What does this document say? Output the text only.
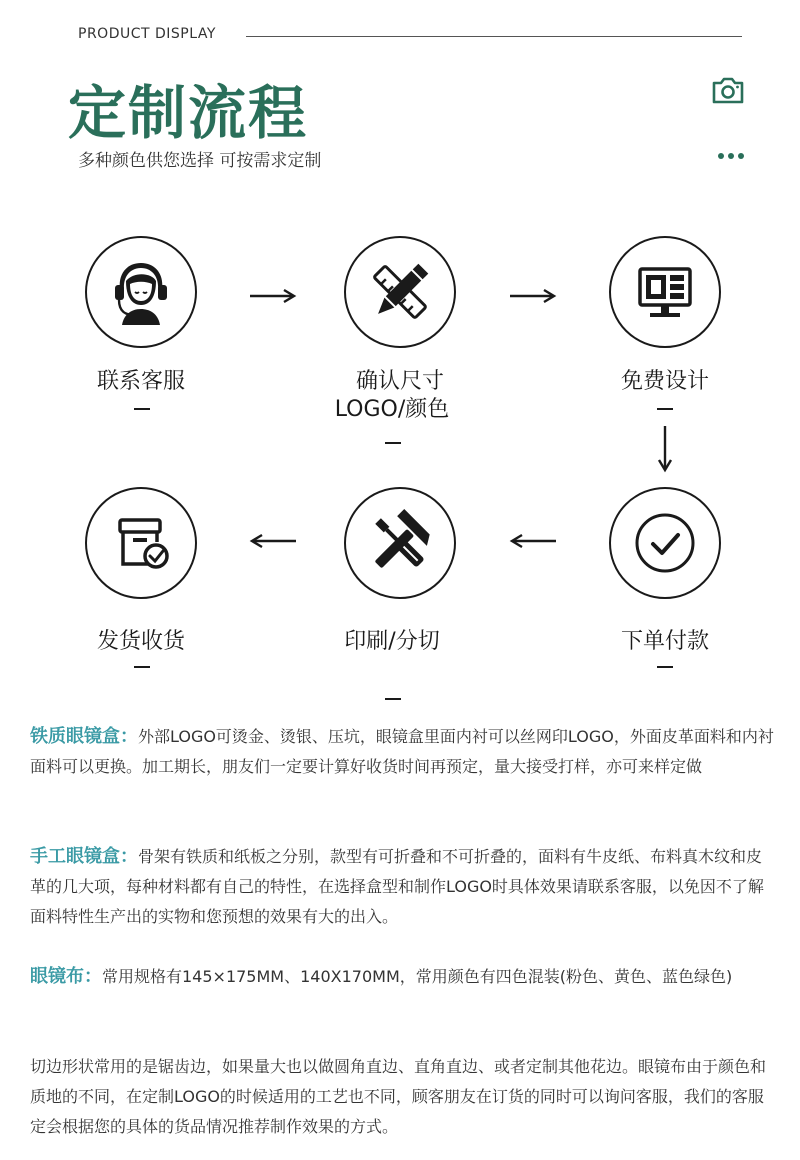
PRODUCT DISPLAY
定制流程
多种颜色供您选择 可按需求定制
联系客服	确认尺寸
LOGO/颜色
免费设计
下单付款
印刷/分切
发货收货

铁质眼镜盒：外部LOGO可烫金、烫银、压坑，眼镜盒里面内衬可以丝网印LOGO，外面皮革面料和内衬面料可以更换。加工期长，朋友们一定要计算好收货时间再预定，量大接受打样，亦可来样定做

手工眼镜盒：骨架有铁质和纸板之分别，款型有可折叠和不可折叠的，面料有牛皮纸、布料真木纹和皮革的几大项，每种材料都有自己的特性，在选择盒型和制作LOGO时具体效果请联系客服，以免因不了解面料特性生产出的实物和您预想的效果有大的出入。

眼镜布：常用规格有145×175MM、140X170MM，常用颜色有四色混装(粉色、黄色、蓝色绿色)

切边形状常用的是锯齿边，如果量大也以做圆角直边、直角直边、或者定制其他花边。眼镜布由于颜色和质地的不同，在定制LOGO的时候适用的工艺也不同，顾客朋友在订货的同时可以询问客服，我们的客服定会根据您的具体的货品情况推荐制作效果的方式。
